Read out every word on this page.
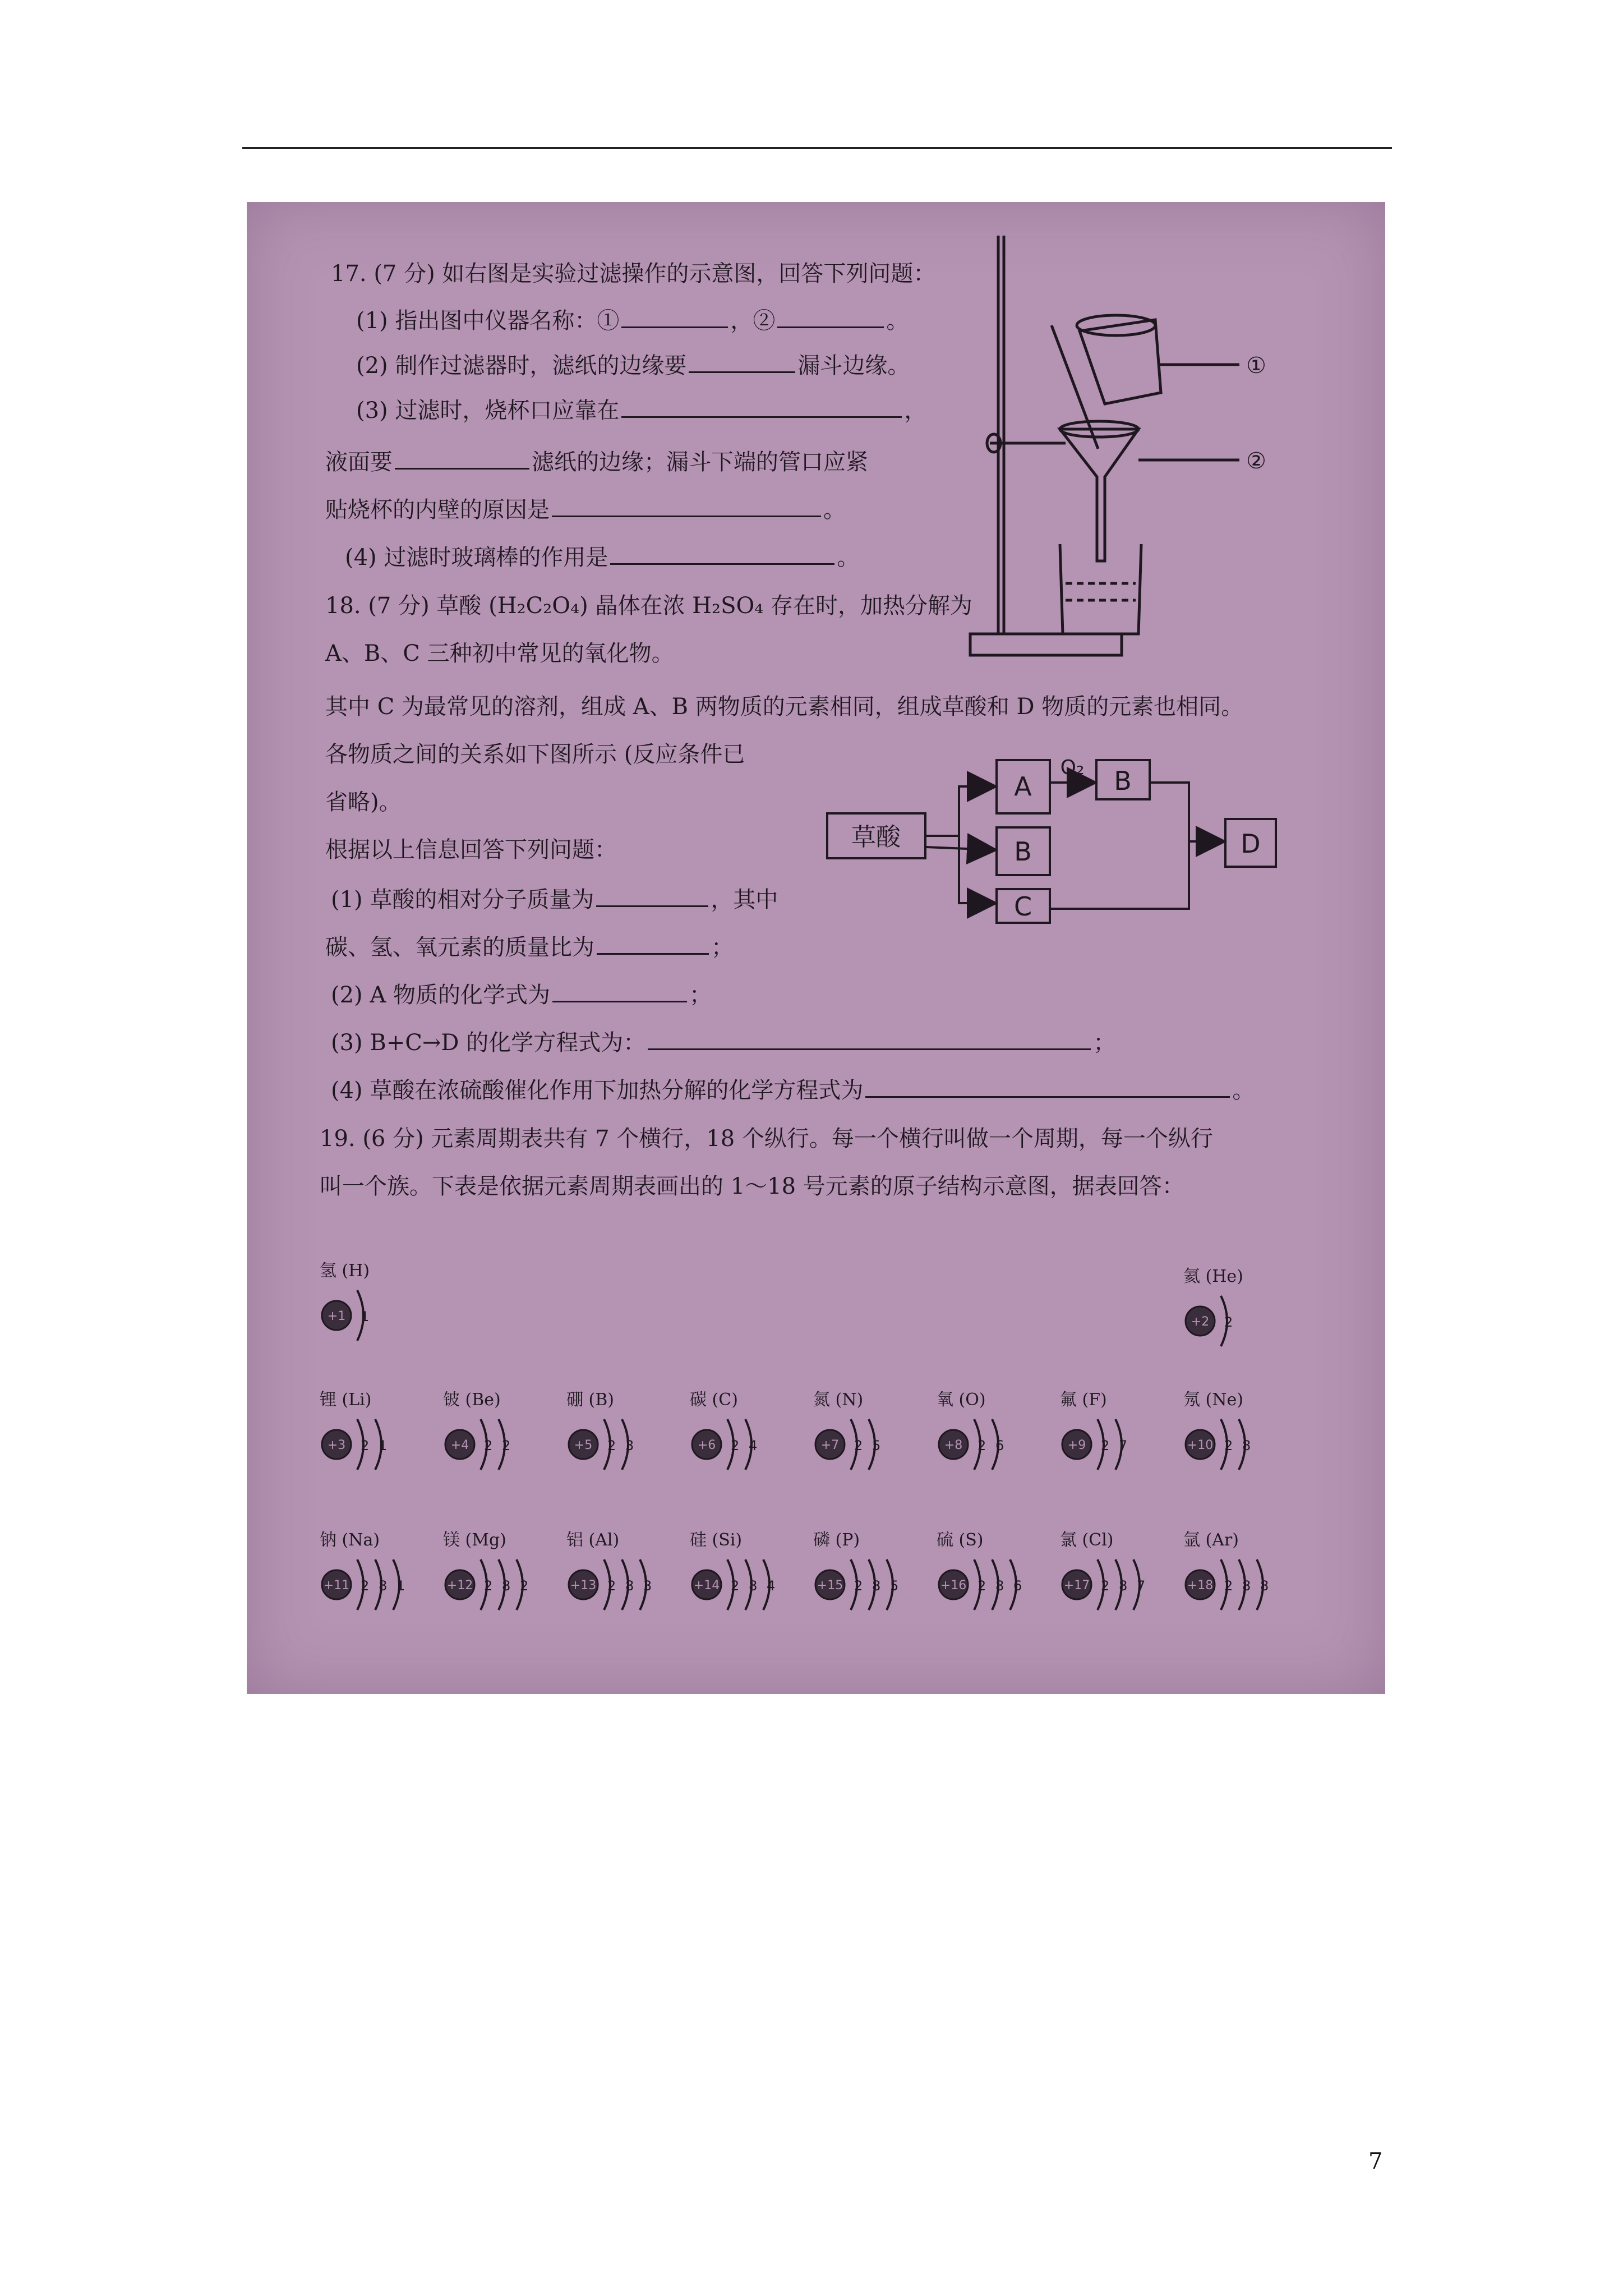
17. (7 分) 如右图是实验过滤操作的示意图，回答下列问题：
(1) 指出图中仪器名称：①	，②	。
(2) 制作过滤器时，滤纸的边缘要	漏斗边缘。
(3) 过滤时，烧杯口应靠在	，
液面要	滤纸的边缘；漏斗下端的管口应紧
贴烧杯的内壁的原因是	。
(4) 过滤时玻璃棒的作用是	。
①
②
18. (7 分) 草酸 (H₂C₂O₄) 晶体在浓 H₂SO₄ 存在时，加热分解为
A、B、C 三种初中常见的氧化物。
其中 C 为最常见的溶剂，组成 A、B 两物质的元素相同，组成草酸和 D 物质的元素也相同。
各物质之间的关系如下图所示 (反应条件已
省略)。
根据以上信息回答下列问题：
(1) 草酸的相对分子质量为	，其中
碳、氢、氧元素的质量比为	；
(2) A 物质的化学式为	；
(3) B+C→D 的化学方程式为：	；
(4) 草酸在浓硫酸催化作用下加热分解的化学方程式为	。
草酸
A
B
C
B
D
O₂
19. (6 分) 元素周期表共有 7 个横行，18 个纵行。每一个横行叫做一个周期，每一个纵行
叫一个族。下表是依据元素周期表画出的 1～18 号元素的原子结构示意图，据表回答：
氢 (H)
+1 1
氦 (He)
+2 2
锂 (Li)
+3 2 1
铍 (Be)
+4 2 2
硼 (B)
+5 2 3
碳 (C)
+6 2 4
氮 (N)
+7 2 5
氧 (O)
+8 2 6
氟 (F)
+9 2 7
氖 (Ne)
+10 2 8
钠 (Na)
+11 2 8 1
镁 (Mg)
+12 2 8 2
铝 (Al)
+13 2 8 3
硅 (Si)
+14 2 8 4
磷 (P)
+15 2 8 5
硫 (S)
+16 2 8 6
氯 (Cl)
+17 2 8 7
氩 (Ar)
+18 2 8 8
7
